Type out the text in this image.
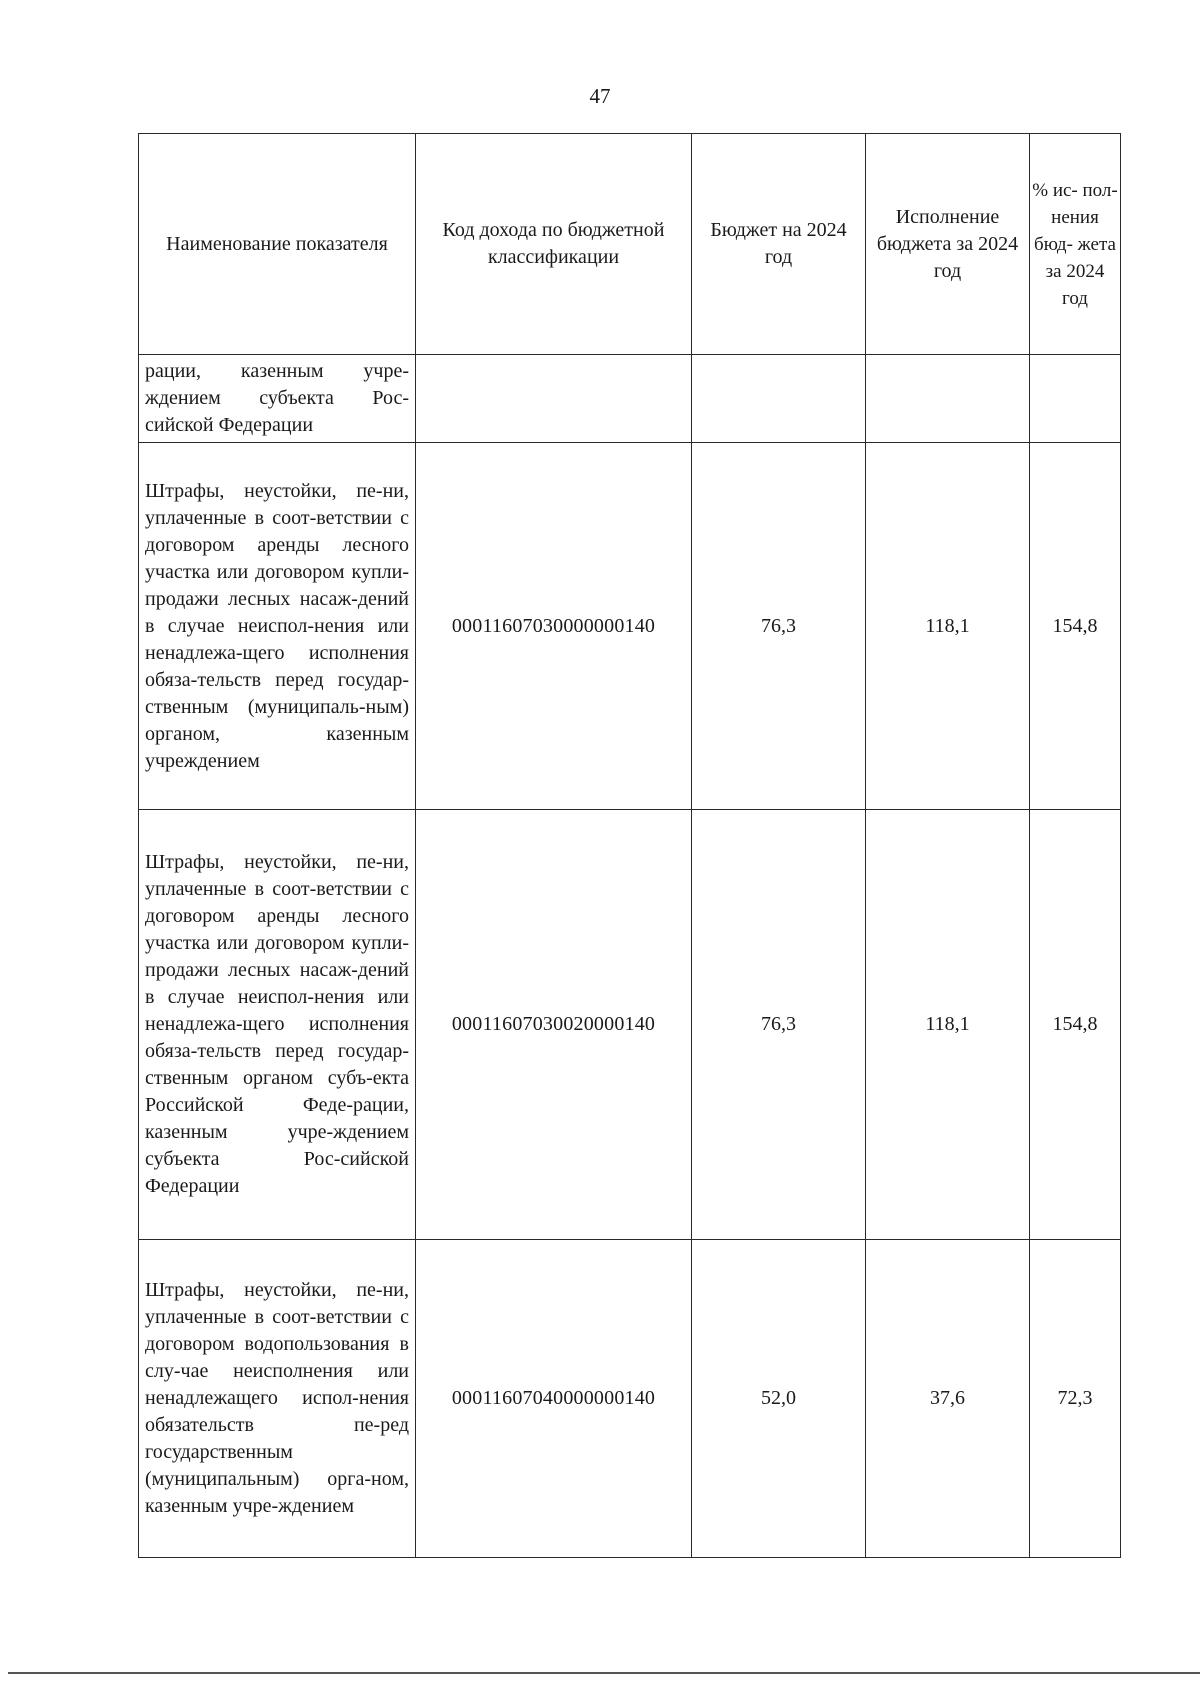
47
Наименование показателя	Код дохода по бюджетной классификации	Бюджет на 2024 год	Исполнение бюджета за 2024 год	% ис- пол- нения бюд- жета за 2024 год
рации, казенным учре-ждением субъекта Рос-сийской Федерации				
Штрафы, неустойки, пе-ни, уплаченные в соот-ветствии с договором аренды лесного участка или договором купли-продажи лесных насаж-дений в случае неиспол-нения или ненадлежа-щего исполнения обяза-тельств перед государ-ственным (муниципаль-ным) органом, казенным учреждением	00011607030000000140	76,3	118,1	154,8
Штрафы, неустойки, пе-ни, уплаченные в соот-ветствии с договором аренды лесного участка или договором купли-продажи лесных насаж-дений в случае неиспол-нения или ненадлежа-щего исполнения обяза-тельств перед государ-ственным органом субъ-екта Российской Феде-рации, казенным учре-ждением субъекта Рос-сийской Федерации	00011607030020000140	76,3	118,1	154,8
Штрафы, неустойки, пе-ни, уплаченные в соот-ветствии с договором водопользования в слу-чае неисполнения или ненадлежащего испол-нения обязательств пе-ред государственным (муниципальным) орга-ном, казенным учре-ждением	00011607040000000140	52,0	37,6	72,3
